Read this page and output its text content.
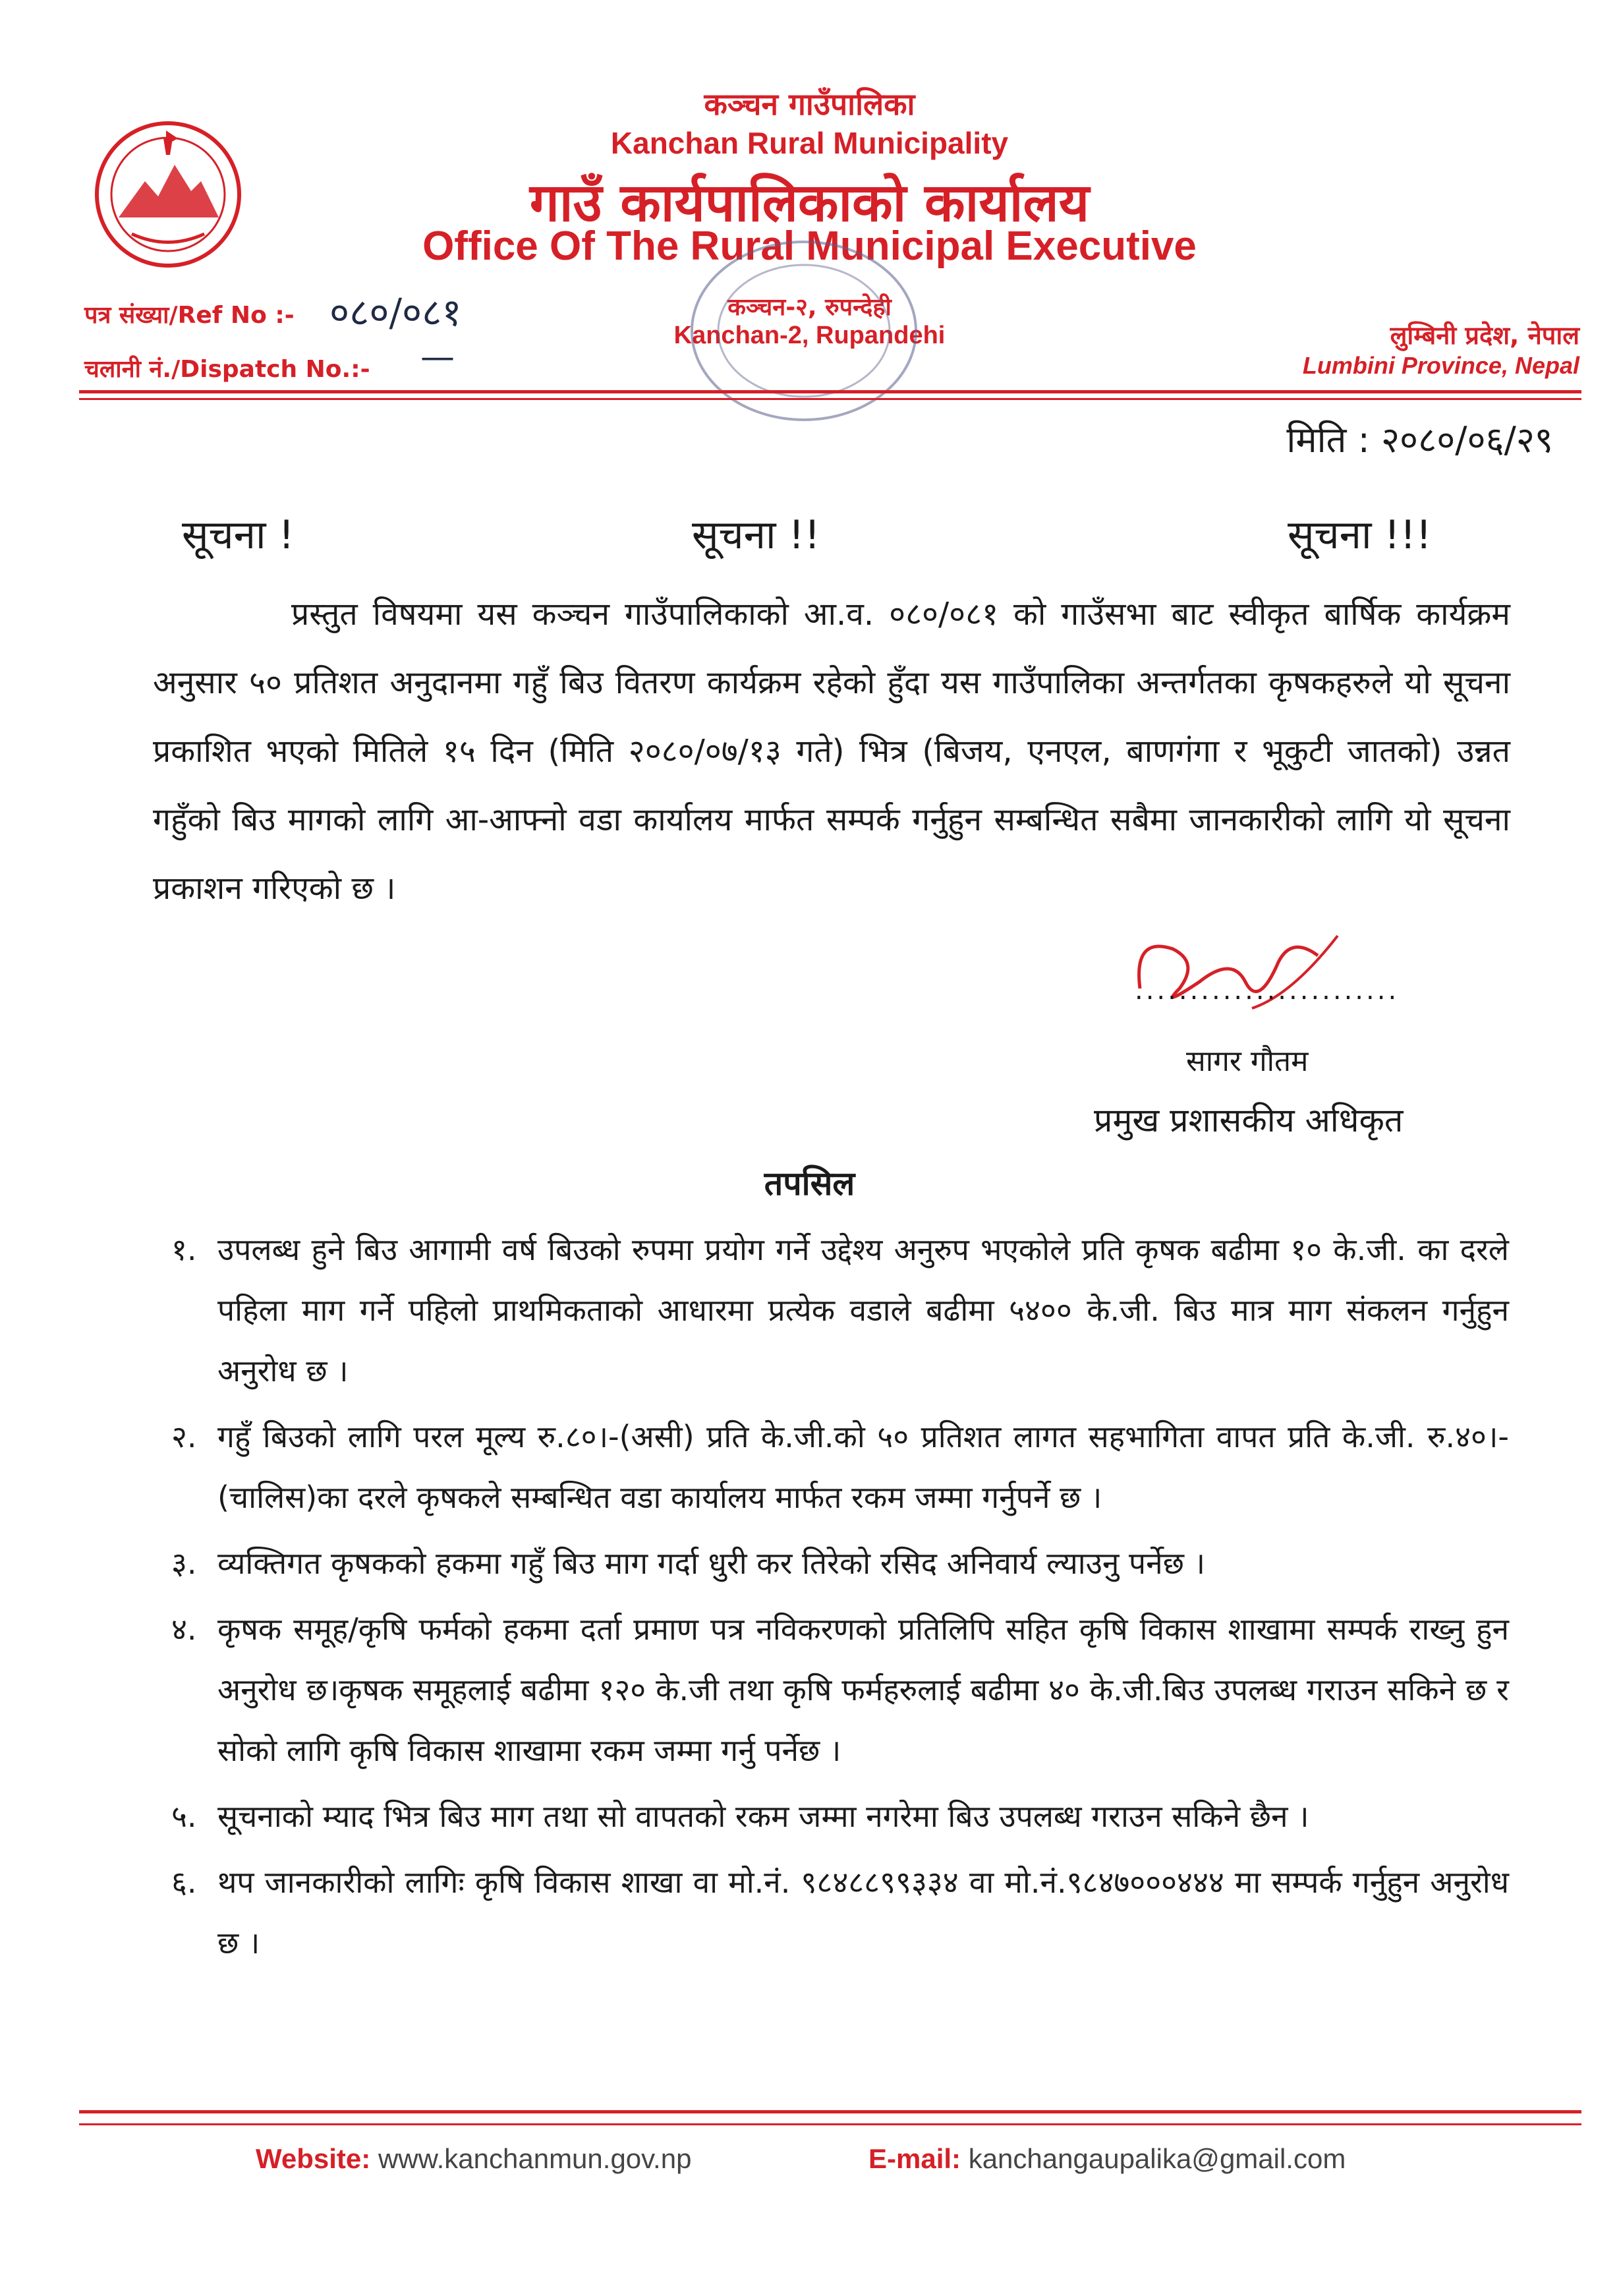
कञ्चन गाउँपालिका
Kanchan Rural Municipality
गाउँ कार्यपालिकाको कार्यालय
Office Of The Rural Municipal Executive
कञ्चन-२, रुपन्देही
Kanchan-2, Rupandehi
पत्र संख्या/Ref No :- ०८०/०८१
चलानी नं./Dispatch No.:- —
लुम्बिनी प्रदेश, नेपाल
Lumbini Province, Nepal
मिति : २०८०/०६/२९
सूचना !	सूचना !!	सूचना !!!
प्रस्तुत विषयमा यस कञ्चन गाउँपालिकाको आ.व. ०८०/०८१ को गाउँसभा बाट स्वीकृत बार्षिक कार्यक्रम अनुसार ५० प्रतिशत अनुदानमा गहुँ बिउ वितरण कार्यक्रम रहेको हुँदा यस गाउँपालिका अन्तर्गतका कृषकहरुले यो सूचना प्रकाशित भएको मितिले १५ दिन (मिति २०८०/०७/१३ गते) भित्र (बिजय, एनएल, बाणगंगा र भूकुटी जातको) उन्नत गहुँको बिउ मागको लागि आ-आफ्नो वडा कार्यालय मार्फत सम्पर्क गर्नुहुन सम्बन्धित सबैमा जानकारीको लागि यो सूचना प्रकाशन गरिएको छ ।
........................
सागर गौतम
प्रमुख प्रशासकीय अधिकृत
तपसिल
१. उपलब्ध हुने बिउ आगामी वर्ष बिउको रुपमा प्रयोग गर्ने उद्देश्य अनुरुप भएकोले प्रति कृषक बढीमा १० के.जी. का दरले पहिला माग गर्ने पहिलो प्राथमिकताको आधारमा प्रत्येक वडाले बढीमा ५४०० के.जी. बिउ मात्र माग संकलन गर्नुहुन अनुरोध छ ।
२. गहुँ बिउको लागि परल मूल्य रु.८०।-(असी) प्रति के.जी.को ५० प्रतिशत लागत सहभागिता वापत प्रति के.जी. रु.४०।-(चालिस)का दरले कृषकले सम्बन्धित वडा कार्यालय मार्फत रकम जम्मा गर्नुपर्ने छ ।
३. व्यक्तिगत कृषकको हकमा गहुँ बिउ माग गर्दा धुरी कर तिरेको रसिद अनिवार्य ल्याउनु पर्नेछ ।
४. कृषक समूह/कृषि फर्मको हकमा दर्ता प्रमाण पत्र नविकरणको प्रतिलिपि सहित कृषि विकास शाखामा सम्पर्क राख्नु हुन अनुरोध छ।कृषक समूहलाई बढीमा १२० के.जी तथा कृषि फर्महरुलाई बढीमा ४० के.जी.बिउ उपलब्ध गराउन सकिने छ र सोको लागि कृषि विकास शाखामा रकम जम्मा गर्नु पर्नेछ ।
५. सूचनाको म्याद भित्र बिउ माग तथा सो वापतको रकम जम्मा नगरेमा बिउ उपलब्ध गराउन सकिने छैन ।
६. थप जानकारीको लागिः कृषि विकास शाखा वा मो.नं. ९८४८८९९३३४ वा मो.नं.९८४७०००४४४ मा सम्पर्क गर्नुहुन अनुरोध छ ।
Website: www.kanchanmun.gov.np	E-mail: kanchangaupalika@gmail.com
